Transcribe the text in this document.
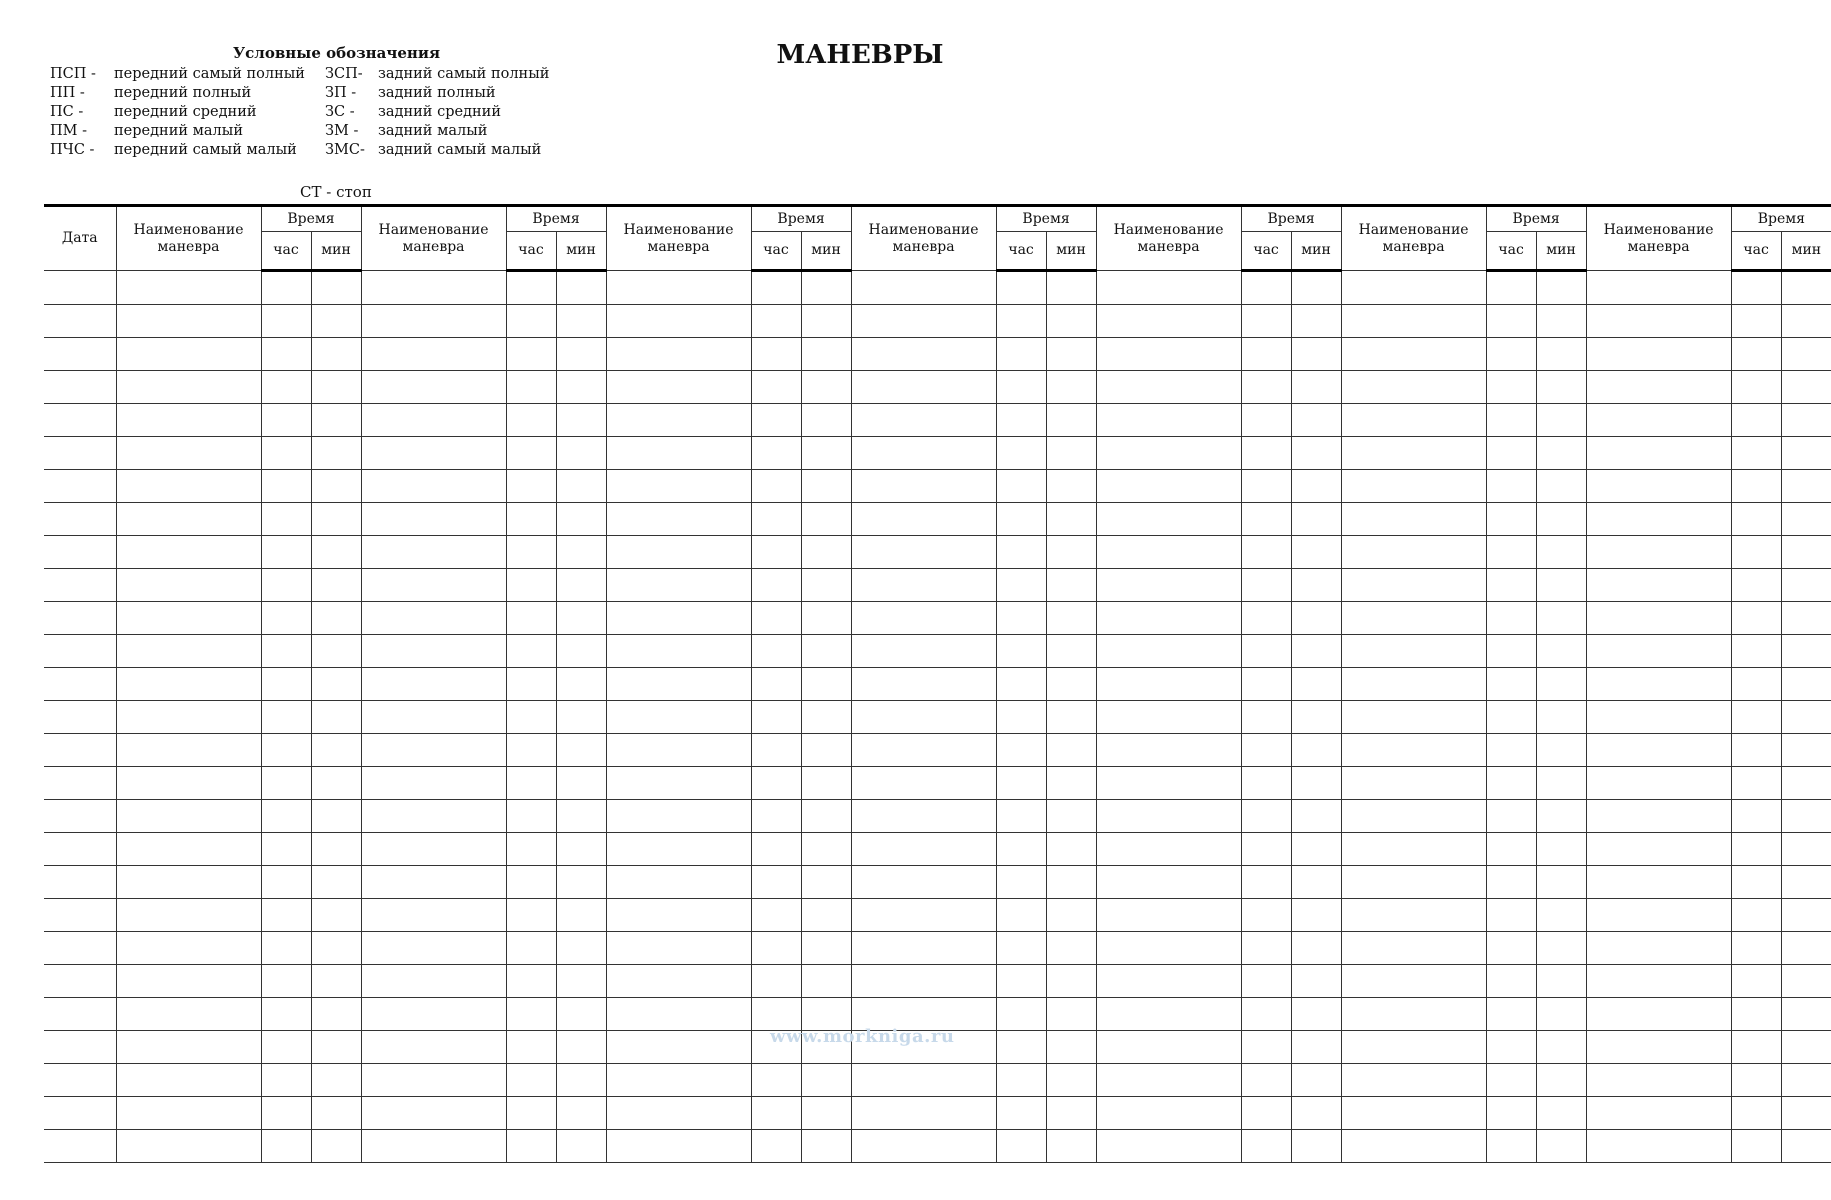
МАНЕВРЫ
Условные обозначения
ПСП - передний самый полный ЗСП- задний самый полный
ПП - передний полный	ЗП - задний полный
ПС - передний средний	ЗС - задний средний
ПМ - передний малый	ЗМ - задний малый
ПЧС - передний самый малый ЗМС- задний самый малый
СТ - стоп
Дата	Наименование маневра	Время		Наименование маневра	Время		Наименование маневра	Время		Наименование маневра	Время		Наименование маневра	Время		Наименование маневра	Время		Наименование маневра	Время	
		час	мин		час	мин		час	мин		час	мин		час	мин		час	мин		час	мин

www.morkniga.ru
